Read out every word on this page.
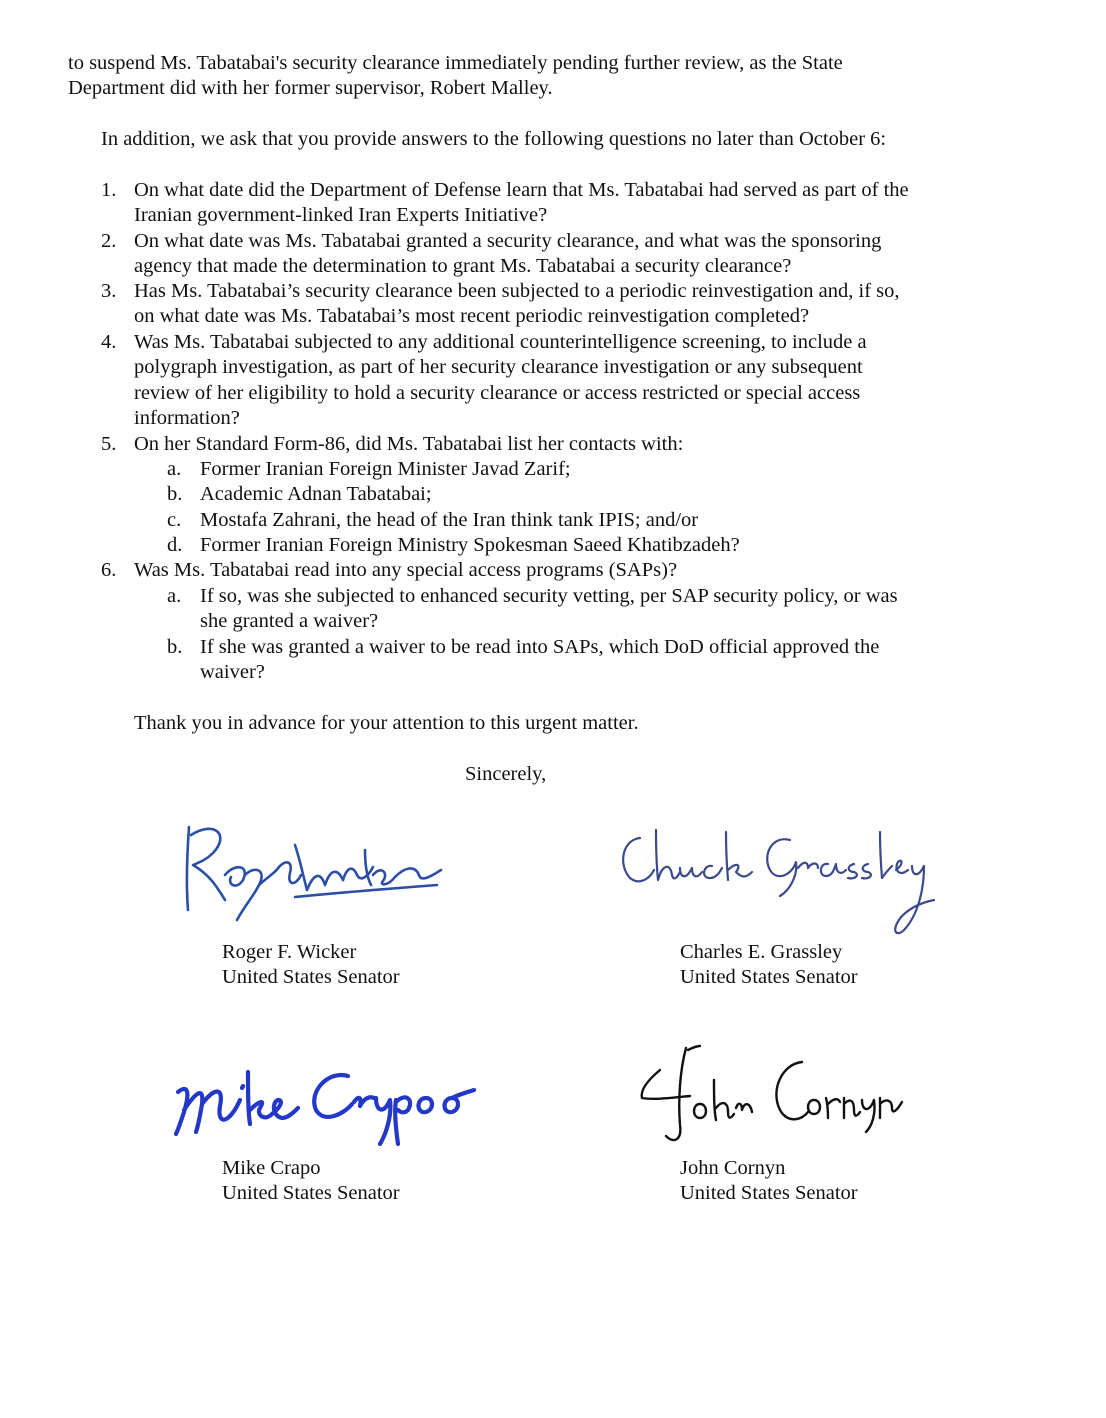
to suspend Ms. Tabatabai's security clearance immediately pending further review, as the State
Department did with her former supervisor, Robert Malley.
In addition, we ask that you provide answers to the following questions no later than October 6:
1. On what date did the Department of Defense learn that Ms. Tabatabai had served as part of the
Iranian government-linked Iran Experts Initiative?
2. On what date was Ms. Tabatabai granted a security clearance, and what was the sponsoring
agency that made the determination to grant Ms. Tabatabai a security clearance?
3. Has Ms. Tabatabai’s security clearance been subjected to a periodic reinvestigation and, if so,
on what date was Ms. Tabatabai’s most recent periodic reinvestigation completed?
4. Was Ms. Tabatabai subjected to any additional counterintelligence screening, to include a
polygraph investigation, as part of her security clearance investigation or any subsequent
review of her eligibility to hold a security clearance or access restricted or special access
information?
5. On her Standard Form-86, did Ms. Tabatabai list her contacts with:
a. Former Iranian Foreign Minister Javad Zarif;
b. Academic Adnan Tabatabai;
c. Mostafa Zahrani, the head of the Iran think tank IPIS; and/or
d. Former Iranian Foreign Ministry Spokesman Saeed Khatibzadeh?
6. Was Ms. Tabatabai read into any special access programs (SAPs)?
a. If so, was she subjected to enhanced security vetting, per SAP security policy, or was
she granted a waiver?
b. If she was granted a waiver to be read into SAPs, which DoD official approved the
waiver?
Thank you in advance for your attention to this urgent matter.
Sincerely,
Roger F. Wicker
United States Senator
Charles E. Grassley
United States Senator
Mike Crapo
United States Senator
John Cornyn
United States Senator
